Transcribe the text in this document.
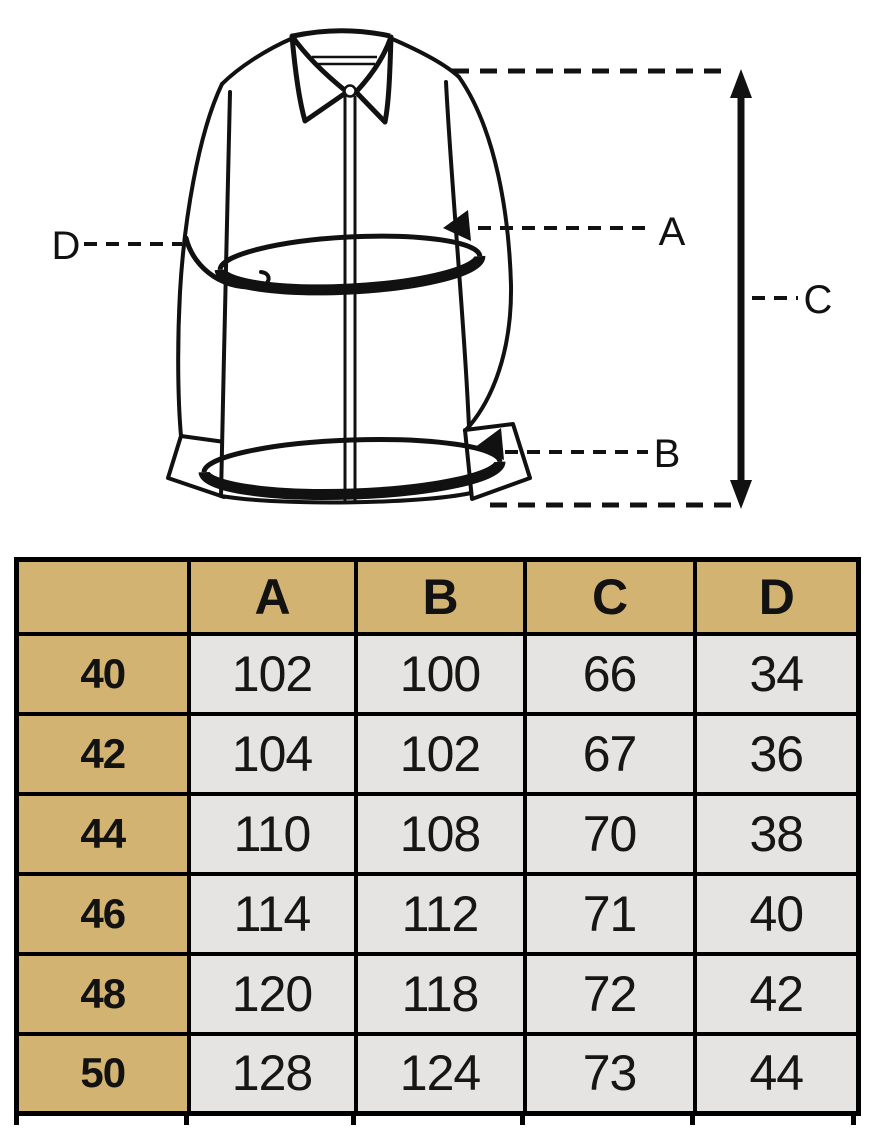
A
B
C
D
	A	B	C	D
40	102	100	66	34
42	104	102	67	36
44	110	108	70	38
46	114	112	71	40
48	120	118	72	42
50	128	124	73	44
